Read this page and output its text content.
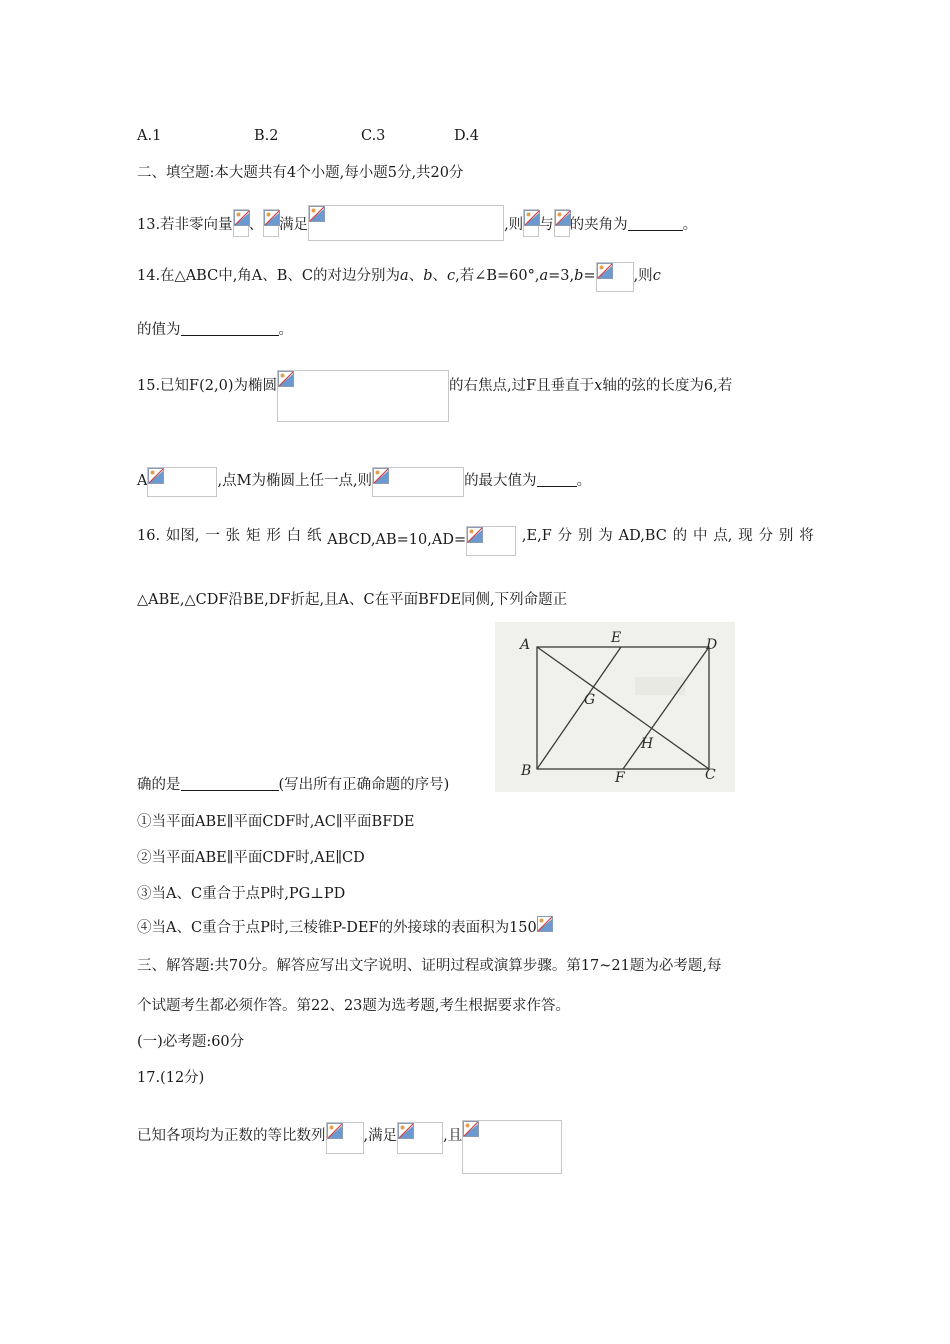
A.1	B.2	C.3	D.4
二、填空题:本大题共有4个小题,每小题5分,共20分
13.若非零向量 、 满足	,则 与 的夹角为	。
14.在△ABC中,角A、B、C的对边分别为a、b、c,若∠B=60°,a=3,b=	,则c
的值为	。
15.已知F(2,0)为椭圆	的右焦点,过F且垂直于x轴的弦的长度为6,若
A	,点M为椭圆上任一点,则	的最大值为	。
16. 如图, 一 张 矩 形 白 纸 ABCD,AB=10,AD=	,E,F 分 别 为 AD,BC 的 中 点, 现 分 别 将
△ABE,△CDF沿BE,DF折起,且A、C在平面BFDE同侧,下列命题正
确的是	(写出所有正确命题的序号)
A	E	D
G
H
B	F	C
①当平面ABE∥平面CDF时,AC∥平面BFDE
②当平面ABE∥平面CDF时,AE∥CD
③当A、C重合于点P时,PG⊥PD
④当A、C重合于点P时,三棱锥P-DEF的外接球的表面积为150
三、解答题:共70分。解答应写出文字说明、证明过程或演算步骤。第17~21题为必考题,每
个试题考生都必须作答。第22、23题为选考题,考生根据要求作答。
(一)必考题:60分
17.(12分)
已知各项均为正数的等比数列	,满足	,且
